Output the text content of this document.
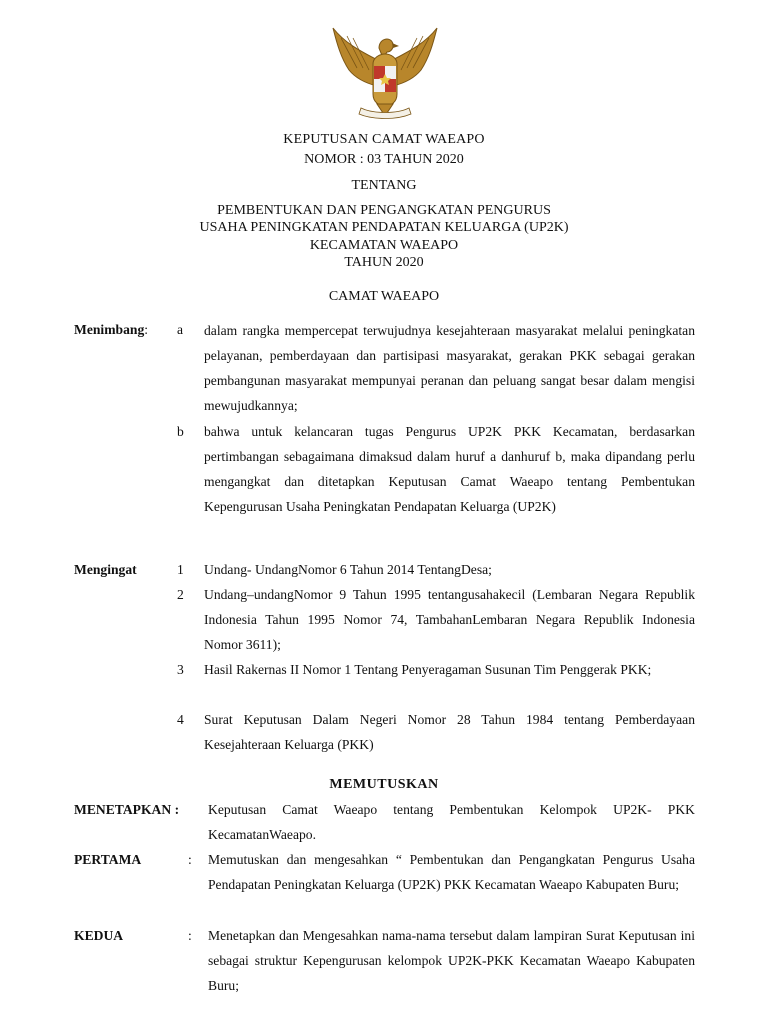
KEPUTUSAN CAMAT WAEAPO
NOMOR : 03 TAHUN 2020
TENTANG
PEMBENTUKAN DAN PENGANGKATAN PENGURUS
USAHA PENINGKATAN PENDAPATAN KELUARGA (UP2K)
KECAMATAN WAEAPO
TAHUN 2020
CAMAT WAEAPO
Menimbang: a dalam rangka mempercepat terwujudnya kesejahteraan masyarakat melalui peningkatan pelayanan, pemberdayaan dan partisipasi masyarakat, gerakan PKK sebagai gerakan pembangunan masyarakat mempunyai peranan dan peluang sangat besar dalam mengisi mewujudkannya;
b bahwa untuk kelancaran tugas Pengurus UP2K PKK Kecamatan, berdasarkan pertimbangan sebagaimana dimaksud dalam huruf a danhuruf b, maka dipandang perlu mengangkat dan ditetapkan Keputusan Camat Waeapo tentang Pembentukan Kepengurusan Usaha Peningkatan Pendapatan Keluarga (UP2K)
Mengingat	1 Undang- UndangNomor 6 Tahun 2014 TentangDesa;
2 Undang–undangNomor 9 Tahun 1995 tentangusahakecil (Lembaran Negara Republik Indonesia Tahun 1995 Nomor 74, TambahanLembaran Negara Republik Indonesia Nomor 3611);
3 Hasil Rakernas II Nomor 1 Tentang Penyeragaman Susunan Tim Penggerak PKK;
4 Surat Keputusan Dalam Negeri Nomor 28 Tahun 1984 tentang Pemberdayaan Kesejahteraan Keluarga (PKK)
MEMUTUSKAN
MENETAPKAN : Keputusan Camat Waeapo tentang Pembentukan Kelompok UP2K- PKK KecamatanWaeapo.
PERTAMA	: Memutuskan dan mengesahkan “ Pembentukan dan Pengangkatan Pengurus Usaha Pendapatan Peningkatan Keluarga (UP2K) PKK Kecamatan Waeapo Kabupaten Buru;
KEDUA	: Menetapkan dan Mengesahkan nama-nama tersebut dalam lampiran Surat Keputusan ini sebagai struktur Kepengurusan kelompok UP2K-PKK Kecamatan Waeapo Kabupaten Buru;
